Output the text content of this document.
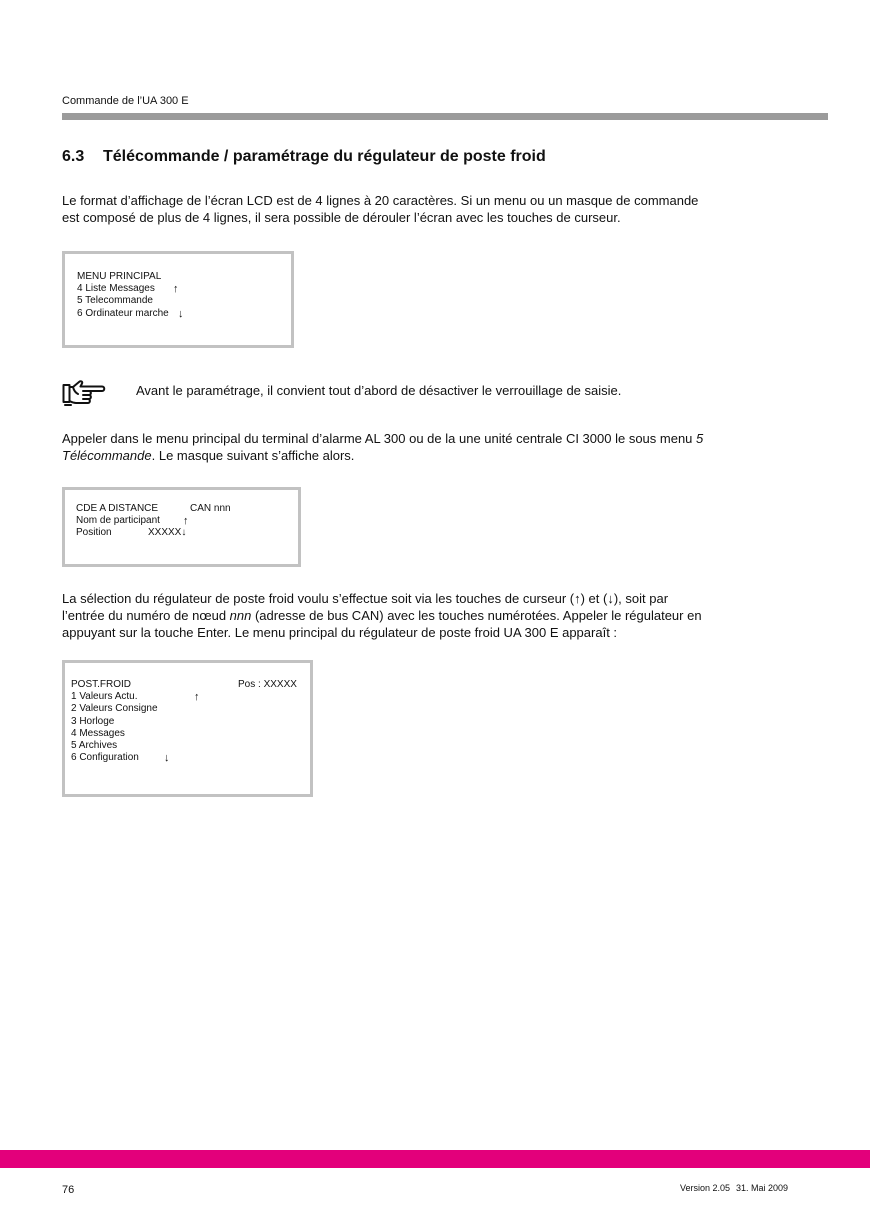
Commande de l’UA 300 E
6.3 Télécommande / paramétrage du régulateur de poste froid
Le format d’affichage de l’écran LCD est de 4 lignes à 20 caractères. Si un menu ou un masque de commande
est composé de plus de 4 lignes, il sera possible de dérouler l’écran avec les touches de curseur.
MENU PRINCIPAL
4 Liste Messages ↑
5 Telecommande
6 Ordinateur marche ↓
Avant le paramétrage, il convient tout d’abord de désactiver le verrouillage de saisie.
Appeler dans le menu principal du terminal d’alarme AL 300 ou de la une unité centrale CI 3000 le sous menu 5
Télécommande. Le masque suivant s’affiche alors.
CDE A DISTANCE	CAN nnn
Nom de participant ↑
Position	XXXXX↓
La sélection du régulateur de poste froid voulu s’effectue soit via les touches de curseur (↑) et (↓), soit par
l’entrée du numéro de nœud nnn (adresse de bus CAN) avec les touches numérotées. Appeler le régulateur en
appuyant sur la touche Enter. Le menu principal du régulateur de poste froid UA 300 E apparaît :
POST.FROID	Pos : XXXXX
1 Valeurs Actu.	↑
2 Valeurs Consigne
3 Horloge
4 Messages
5 Archives
6 Configuration ↓
76	Version 2.05 31. Mai 2009
